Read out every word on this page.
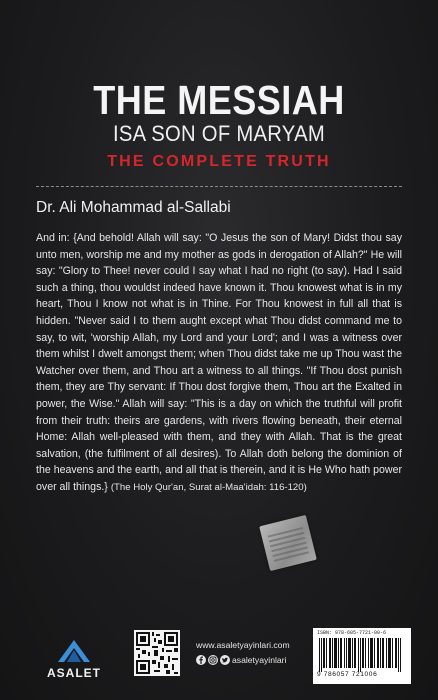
THE MESSIAH
ISA SON OF MARYAM
THE COMPLETE TRUTH
Dr. Ali Mohammad al-Sallabi
And in: {And behold! Allah will say: "O Jesus the son of Mary! Didst thou say unto men, worship me and my mother as gods in derogation of Allah?" He will say: "Glory to Thee! never could I say what I had no right (to say). Had I said such a thing, thou wouldst indeed have known it. Thou knowest what is in my heart, Thou I know not what is in Thine. For Thou knowest in full all that is hidden. "Never said I to them aught except what Thou didst command me to say, to wit, 'worship Allah, my Lord and your Lord'; and I was a witness over them whilst I dwelt amongst them; when Thou didst take me up Thou wast the Watcher over them, and Thou art a witness to all things. "If Thou dost punish them, they are Thy servant: If Thou dost forgive them, Thou art the Exalted in power, the Wise." Allah will say: "This is a day on which the truthful will profit from their truth: theirs are gardens, with rivers flowing beneath, their eternal Home: Allah well-pleased with them, and they with Allah. That is the great salvation, (the fulfilment of all desires). To Allah doth belong the dominion of the heavens and the earth, and all that is therein, and it is He Who hath power over all things.} (The Holy Qur'an, Surat al-Maa'idah: 116-120)
ASALET
www.asaletyayinlari.com
asaletyayinlari
ISBN: 978-605-7721-00-6
9 786057 721006
